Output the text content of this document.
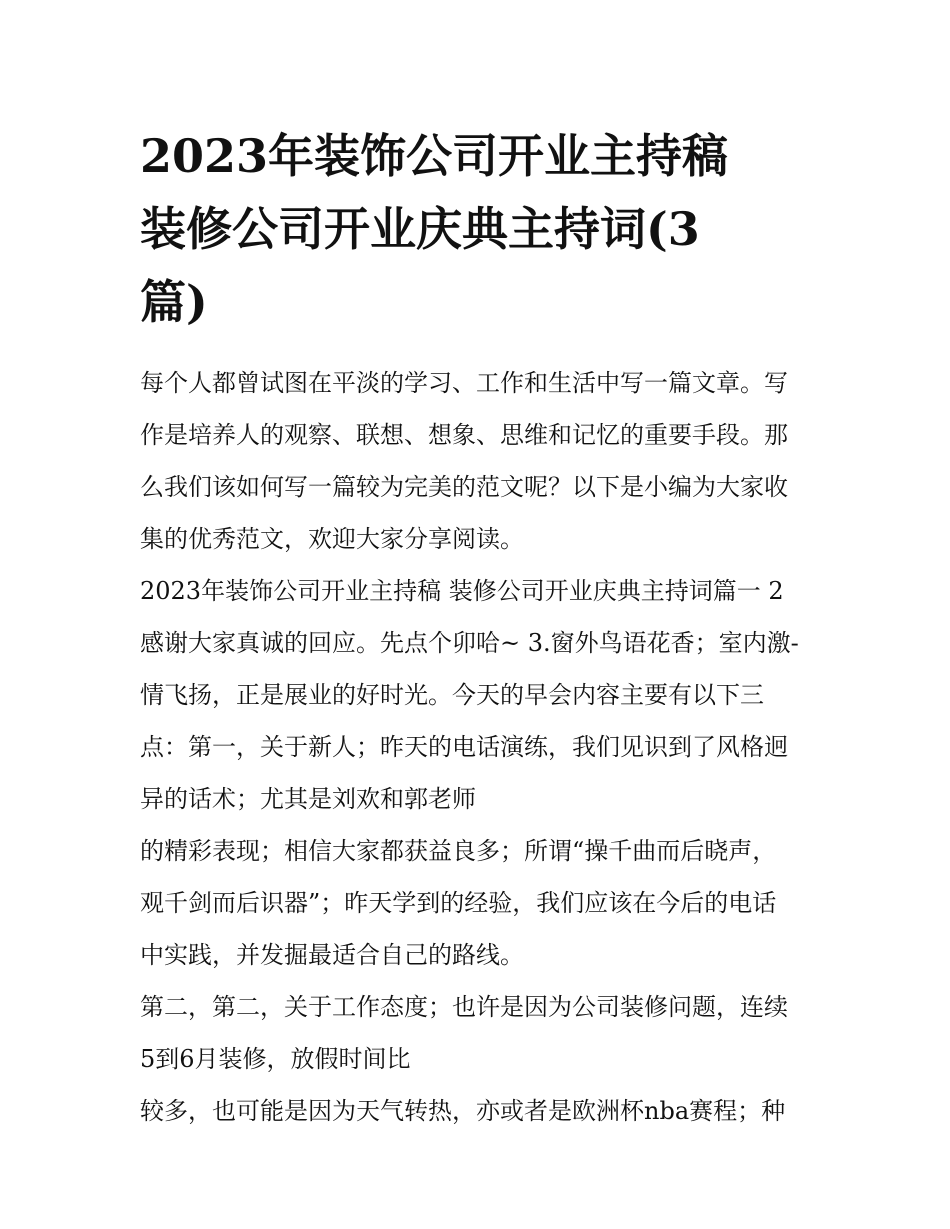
2023年装饰公司开业主持稿
装修公司开业庆典主持词(3
篇)

每个人都曾试图在平淡的学习、工作和生活中写一篇文章。写
作是培养人的观察、联想、想象、思维和记忆的重要手段。那
么我们该如何写一篇较为完美的范文呢？以下是小编为大家收
集的优秀范文，欢迎大家分享阅读。

2023年装饰公司开业主持稿 装修公司开业庆典主持词篇一 2
感谢大家真诚的回应。先点个卯哈~ 3.窗外鸟语花香；室内激-
情飞扬，正是展业的好时光。今天的早会内容主要有以下三
点：第一，关于新人；昨天的电话演练，我们见识到了风格迥
异的话术；尤其是刘欢和郭老师

的精彩表现；相信大家都获益良多；所谓“操千曲而后晓声，
观千剑而后识器”；昨天学到的经验，我们应该在今后的电话
中实践，并发掘最适合自己的路线。

第二，第二，关于工作态度；也许是因为公司装修问题，连续
5到6月装修，放假时间比

较多，也可能是因为天气转热，亦或者是欧洲杯nba赛程；种
